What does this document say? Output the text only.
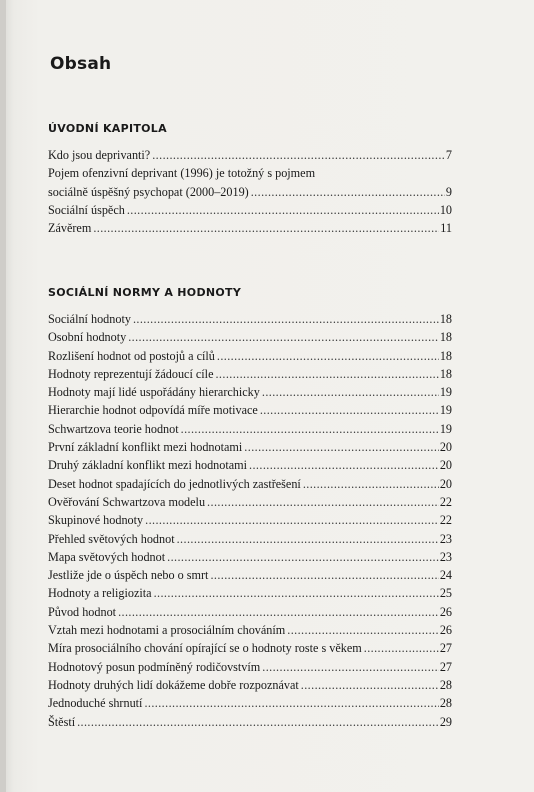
Obsah
ÚVODNÍ KAPITOLA
Kdo jsou deprivanti? .....	7
Pojem ofenzivní deprivant (1996) je totožný s pojmem
sociálně úspěšný psychopat (2000–2019) .....	9
Sociální úspěch .....	10
Závěrem .....	11
SOCIÁLNÍ NORMY A HODNOTY
Sociální hodnoty .....	18
Osobní hodnoty .....	18
Rozlišení hodnot od postojů a cílů .....	18
Hodnoty reprezentují žádoucí cíle .....	18
Hodnoty mají lidé uspořádány hierarchicky .....	19
Hierarchie hodnot odpovídá míře motivace .....	19
Schwartzova teorie hodnot .....	19
První základní konflikt mezi hodnotami .....	20
Druhý základní konflikt mezi hodnotami .....	20
Deset hodnot spadajících do jednotlivých zastřešení .....	20
Ověřování Schwartzova modelu .....	22
Skupinové hodnoty .....	22
Přehled světových hodnot .....	23
Mapa světových hodnot .....	23
Jestliže jde o úspěch nebo o smrt .....	24
Hodnoty a religiozita .....	25
Původ hodnot .....	26
Vztah mezi hodnotami a prosociálním chováním .....	26
Míra prosociálního chování opírající se o hodnoty roste s věkem .....	27
Hodnotový posun podmíněný rodičovstvím .....	27
Hodnoty druhých lidí dokážeme dobře rozpoznávat .....	28
Jednoduché shrnutí .....	28
Štěstí .....	29
